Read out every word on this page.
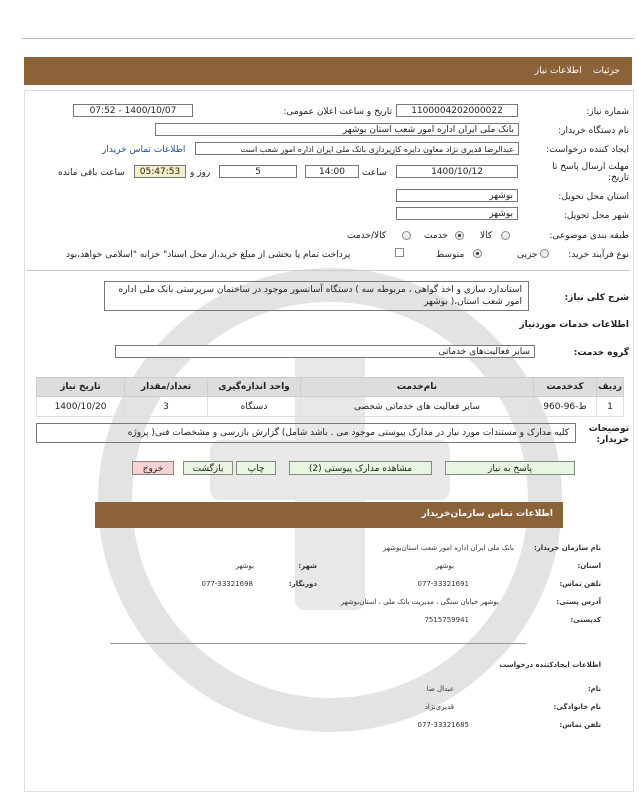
جزئیات    اطلاعات نیاز
شماره نیاز:
1100004202000022
تاریخ و ساعت اعلان عمومی:
1400/10/07 - 07:52
نام دستگاه خریدار:
بانک ملی ایران اداره امور شعب استان بوشهر
ایجاد کننده درخواست:
عبدالرضا قدیری نژاد معاون دایره کارپردازی بانک ملی ایران اداره امور شعب است
اطلاعات تماس خریدار
مهلت ارسال پاسخ تا تاریخ:
1400/10/12
ساعت
14:00
5
روز و
05:47:53
ساعت باقی مانده
استان محل تحویل:
بوشهر
شهر محل تحویل:
بوشهر
طبقه بندی موضوعی:
کالا
خدمت
کالا/خدمت
نوع فرآیند خرید:
جزیی
متوسط
پرداخت تمام یا بخشی از مبلغ خرید،از محل اسناد" خزانه "اسلامی خواهد،بود
شرح کلی نیاز:
استاندارد سازی و اخذ گواهی ، مربوطه سه ) دستگاه آسانسور موجود در ساختمان سرپرستی بانک ملی اداره امور شعب استان،( بوشهر
اطلاعات خدمات موردنیاز
گروه خدمت:
سایر فعالیت‌های خدماتی
ردیف	کدخدمت	نام‌خدمت	واحد اندازه‌گیری	تعداد/مقدار	تاریخ نیاز
1	ط-96-960	سایر فعالیت های خدماتی شخصی	دستگاه	3	1400/10/20
توضیحات خریدار:
کلیه مدارک و مستندات مورد نیاز در مدارک پیوستی موجود می . باشد شامل) گزارش بازرسی و مشخصات فنی( پروژه
پاسخ به نیاز
مشاهده مدارک پیوستی (2)
چاپ
بازگشت
خروج
اطلاعات تماس سازمان‌خریدار
نام سازمان خریدار:
بانک ملی ایران اداره امور شعب استان‌بوشهر
استان:
بوشهر
شهر:
بوشهر
تلفن تماس:
077-33321691
دورنگار:
077-33321698
آدرس پستی:
بوشهر خیابان سنگی ، مدیریت بانک ملی ، استان‌بوشهر
کدپستی:
7515759941
اطلاعات ایجادکننده درخواست
نام:
عبدال ضا
نام خانوادگی:
قدیری‌نژاد
تلفن تماس:
077-33321685
